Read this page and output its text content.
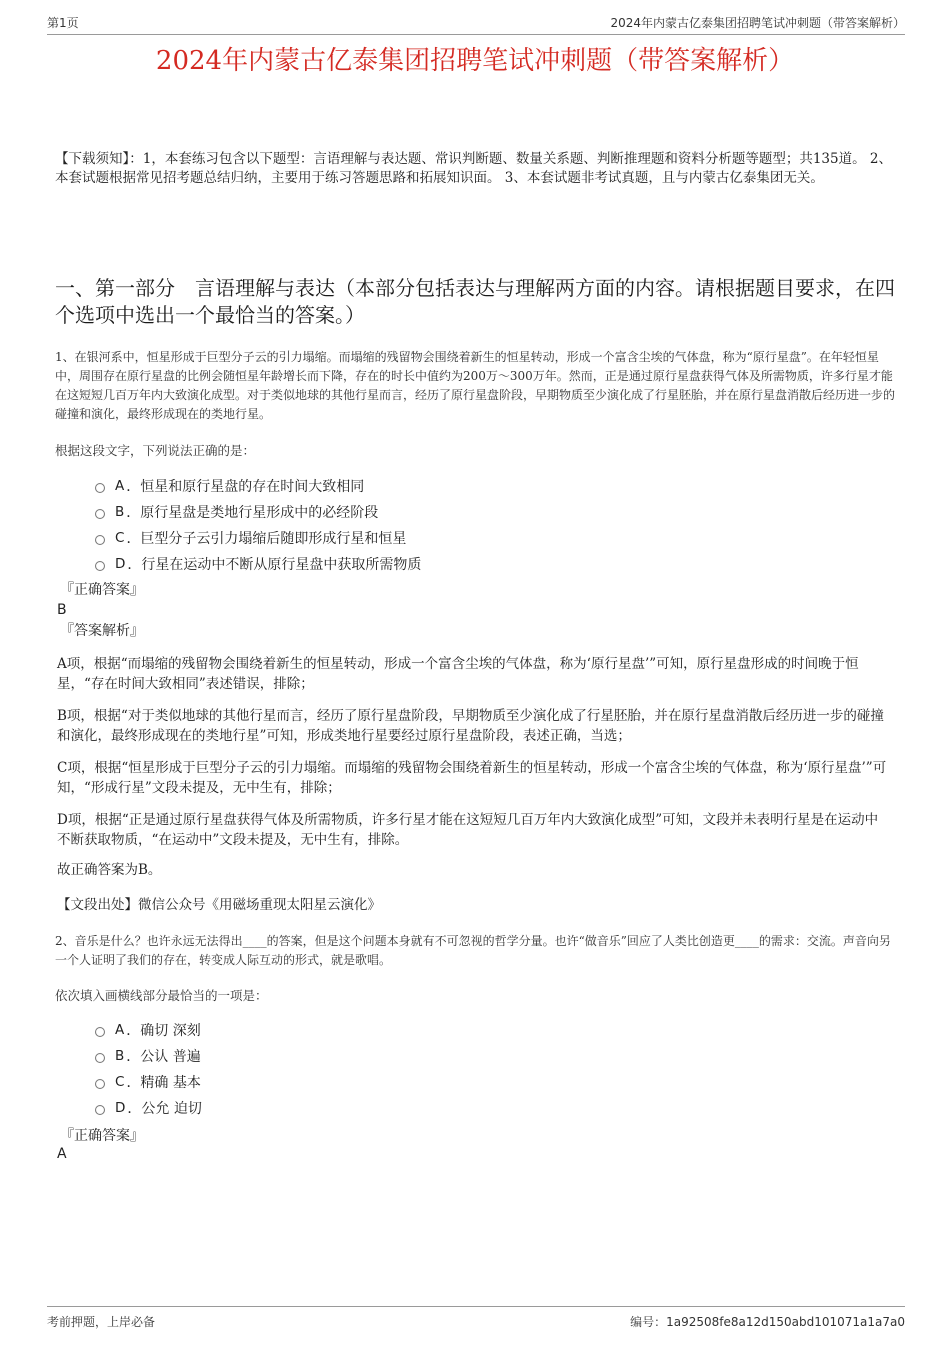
第1页	2024年内蒙古亿泰集团招聘笔试冲刺题（带答案解析）
2024年内蒙古亿泰集团招聘笔试冲刺题（带答案解析）
【下载须知】：1，本套练习包含以下题型：言语理解与表达题、常识判断题、数量关系题、判断推理题和资料分析题等题型；共135道。 2、本套试题根据常见招考题总结归纳，主要用于练习答题思路和拓展知识面。 3、本套试题非考试真题，且与内蒙古亿泰集团无关。
一、第一部分　言语理解与表达（本部分包括表达与理解两方面的内容。请根据题目要求，在四个选项中选出一个最恰当的答案。）
1、在银河系中，恒星形成于巨型分子云的引力塌缩。而塌缩的残留物会围绕着新生的恒星转动，形成一个富含尘埃的气体盘，称为“原行星盘”。在年轻恒星中，周围存在原行星盘的比例会随恒星年龄增长而下降，存在的时长中值约为200万～300万年。然而，正是通过原行星盘获得气体及所需物质，许多行星才能在这短短几百万年内大致演化成型。对于类似地球的其他行星而言，经历了原行星盘阶段，早期物质至少演化成了行星胚胎，并在原行星盘消散后经历进一步的碰撞和演化，最终形成现在的类地行星。
根据这段文字，下列说法正确的是：
A ．恒星和原行星盘的存在时间大致相同
B ．原行星盘是类地行星形成中的必经阶段
C ．巨型分子云引力塌缩后随即形成行星和恒星
D ．行星在运动中不断从原行星盘中获取所需物质
『正确答案』
B
『答案解析』
A项，根据“而塌缩的残留物会围绕着新生的恒星转动，形成一个富含尘埃的气体盘，称为‘原行星盘’”可知，原行星盘形成的时间晚于恒星，“存在时间大致相同”表述错误，排除；
B项，根据“对于类似地球的其他行星而言，经历了原行星盘阶段，早期物质至少演化成了行星胚胎，并在原行星盘消散后经历进一步的碰撞和演化，最终形成现在的类地行星”可知，形成类地行星要经过原行星盘阶段，表述正确，当选；
C项，根据“恒星形成于巨型分子云的引力塌缩。而塌缩的残留物会围绕着新生的恒星转动，形成一个富含尘埃的气体盘，称为‘原行星盘’”可知，“形成行星”文段未提及，无中生有，排除；
D项，根据“正是通过原行星盘获得气体及所需物质，许多行星才能在这短短几百万年内大致演化成型”可知，文段并未表明行星是在运动中不断获取物质，“在运动中”文段未提及，无中生有，排除。
故正确答案为B。
【文段出处】微信公众号《用磁场重现太阳星云演化》
2、音乐是什么？也许永远无法得出____的答案，但是这个问题本身就有不可忽视的哲学分量。也许“做音乐”回应了人类比创造更____的需求：交流。声音向另一个人证明了我们的存在，转变成人际互动的形式，就是歌唱。
依次填入画横线部分最恰当的一项是：
A ．确切 深刻
B ．公认 普遍
C ．精确 基本
D ．公允 迫切
『正确答案』
A
考前押题，上岸必备	编号：1a92508fe8a12d150abd101071a1a7a0
